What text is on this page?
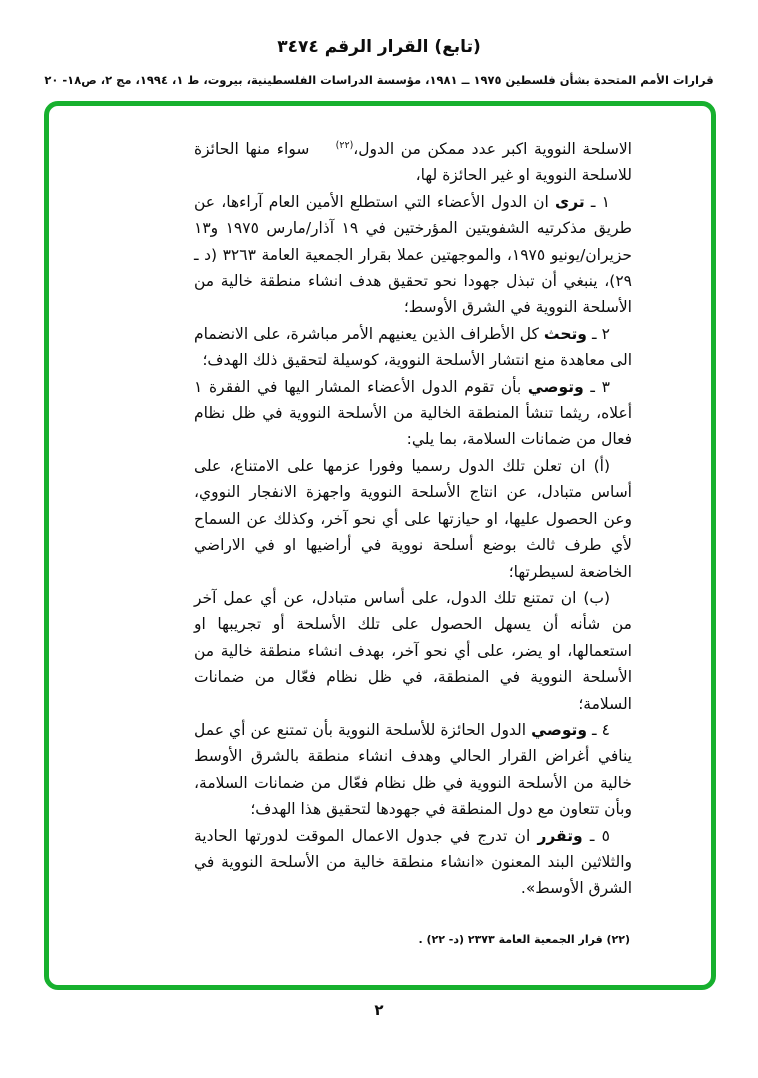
(تابع) القرار الرقم ٣٤٧٤
قرارات الأمم المتحدة بشأن فلسطين ١٩٧٥ ــ ١٩٨١، مؤسسة الدراسات الفلسطينية، بيروت، ط ١، ١٩٩٤، مج ٢، ص١٨- ٢٠

الاسلحة النووية اكبر عدد ممكن من الدول،$^{(٢٢)}$    سواء منها الحائزة للاسلحة النووية او غير الحائزة لها،

١ ـ ترى ان الدول الأعضاء التي استطلع الأمين العام آراءها، عن طريق مذكرتيه الشفويتين المؤرختين في ١٩ آذار/مارس ١٩٧٥ و١٣ حزيران/يونيو ١٩٧٥، والموجهتين عملا بقرار الجمعية العامة ٣٢٦٣ (د ـ ٢٩)، ينبغي أن تبذل جهودا نحو تحقيق هدف انشاء منطقة خالية من الأسلحة النووية في الشرق الأوسط؛

٢ ـ وتحث كل الأطراف الذين يعنيهم الأمر مباشرة، على الانضمام الى معاهدة منع انتشار الأسلحة النووية، كوسيلة لتحقيق ذلك الهدف؛

٣ ـ وتوصي بأن تقوم الدول الأعضاء المشار اليها في الفقرة ١ أعلاه، ريثما تنشأ المنطقة الخالية من الأسلحة النووية في ظل نظام فعال من ضمانات السلامة، بما يلي:

(أ) ان تعلن تلك الدول رسميا وفورا عزمها على الامتناع، على أساس متبادل، عن انتاج الأسلحة النووية واجهزة الانفجار النووي، وعن الحصول عليها، او حيازتها على أي نحو آخر، وكذلك عن السماح لأي طرف ثالث بوضع أسلحة نووية في أراضيها او في الاراضي الخاضعة لسيطرتها؛

(ب) ان تمتنع تلك الدول، على أساس متبادل، عن أي عمل آخر من شأنه أن يسهل الحصول على تلك الأسلحة أو تجريبها او استعمالها، او يضر، على أي نحو آخر، بهدف انشاء منطقة خالية من الأسلحة النووية في المنطقة، في ظل نظام فعّال من ضمانات السلامة؛

٤ ـ وتوصي الدول الحائزة للأسلحة النووية بأن تمتنع عن أي عمل ينافي أغراض القرار الحالي وهدف انشاء منطقة بالشرق الأوسط خالية من الأسلحة النووية في ظل نظام فعّال من ضمانات السلامة، وبأن تتعاون مع دول المنطقة في جهودها لتحقيق هذا الهدف؛

٥ ـ وتقرر ان تدرج في جدول الاعمال الموقت لدورتها الحادية والثلاثين البند المعنون «انشاء منطقة خالية من الأسلحة النووية في الشرق الأوسط».

(٢٢) قرار الجمعية العامة ٢٣٧٣ (د- ٢٢) .
٢
